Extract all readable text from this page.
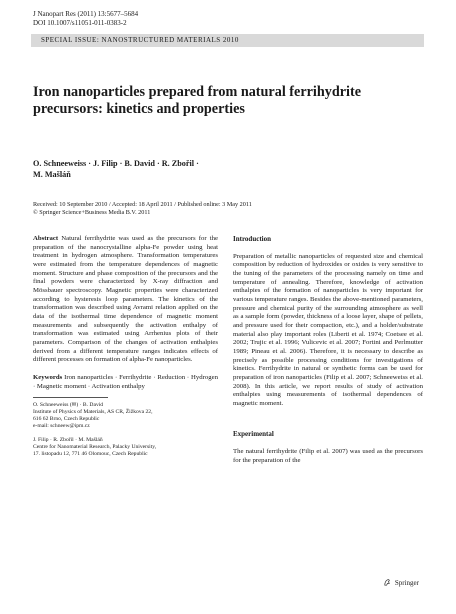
J Nanopart Res (2011) 13:5677–5684
DOI 10.1007/s11051-011-0383-2
SPECIAL ISSUE: NANOSTRUCTURED MATERIALS 2010
Iron nanoparticles prepared from natural ferrihydrite precursors: kinetics and properties
O. Schneeweiss · J. Filip · B. David · R. Zbořil ·
M. Mašláň
Received: 10 September 2010 / Accepted: 18 April 2011 / Published online: 3 May 2011
© Springer Science+Business Media B.V. 2011
Abstract Natural ferrihydrite was used as the precursors for the preparation of the nanocrystalline alpha-Fe powder using heat treatment in hydrogen atmosphere. Transformation temperatures were estimated from the temperature dependences of magnetic moment. Structure and phase composition of the precursors and the final powders were characterized by X-ray diffraction and Mössbauer spectroscopy. Magnetic properties were characterized according to hysteresis loop parameters. The kinetics of the transformation was described using Avrami relation applied on the data of the isothermal time dependence of magnetic moment measurements and subsequently the activation enthalpy of transformation was estimated using Arrhenius plots of their parameters. Comparison of the changes of activation enthalpies derived from a different temperature ranges indicates effects of different processes on formation of alpha-Fe nanoparticles.
Keywords Iron nanoparticles · Ferrihydrite · Reduction · Hydrogen · Magnetic moment · Activation enthalpy
O. Schneeweiss (✉) · B. David
Institute of Physics of Materials, AS CR, Žižkova 22,
616 62 Brno, Czech Republic
e-mail: schneew@ipm.cz
J. Filip · R. Zbořil · M. Mašláň
Centre for Nanomaterial Research, Palacky University,
17. listopadu 12, 771 46 Olomouc, Czech Republic
Introduction
Preparation of metallic nanoparticles of requested size and chemical composition by reduction of hydroxides or oxides is very sensitive to the tuning of the parameters of the processing namely on time and temperature of annealing. Therefore, knowledge of activation enthalpies of the formation of nanoparticles is very important for various temperature ranges. Besides the above-mentioned parameters, pressure and chemical purity of the surrounding atmosphere as well as a sample form (powder, thickness of a loose layer, shape of pellets, and pressure used for their compaction, etc.), and a holder/substrate material also play important roles (Liberti et al. 1974; Coetsee et al. 2002; Trujic et al. 1996; Vulicevic et al. 2007; Fortini and Perlmutter 1989; Pineau et al. 2006). Therefore, it is necessary to describe as precisely as possible processing conditions for investigations of kinetics. Ferrihydrite in natural or synthetic forms can be used for preparation of iron nanoparticles (Filip et al. 2007; Schneeweiss et al. 2008). In this article, we report results of study of activation enthalpies using measurements of isothermal dependences of magnetic moment.
Experimental
The natural ferrihydrite (Filip et al. 2007) was used as the precursors for the preparation of the
Springer
